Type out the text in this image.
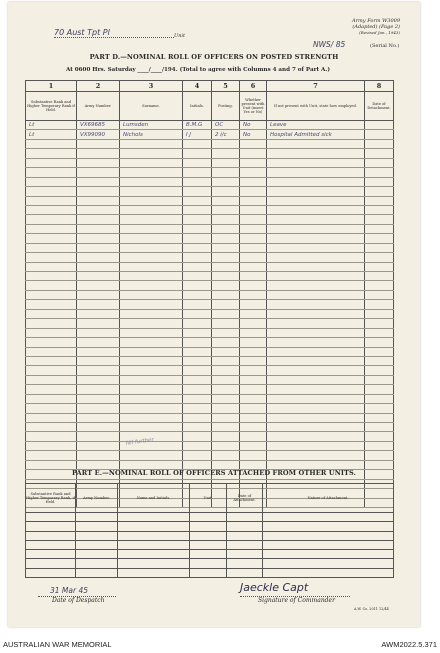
70 Aust Tpt Pl	Unit
Army Form W3009
(Adapted) (Page 2)
(Revised Jan., 1943)
NWS/ 85	(Serial No.)
PART D.—NOMINAL ROLL OF OFFICERS ON POSTED STRENGTH
At 0600 Hrs. Saturday ____/____/194. (Total to agree with Columns 4 and 7 of Part A.)
1	2	3	4	5	6	7	8
Substantive Rank and Higher Temporary Rank if Held.	Army Number.	Surname.	Initials.	Posting.	Whether present with Unit (insert Yes or No)	If not present with Unit, state how employed.	Date of Detachment.
Lt	VX69685	Lumsden	B.M.G	OC	No	Leave	
Lt	VX99090	Nichols	I J	2 i/c	No	Hospital Admitted sick	

Nil further
PART E.—NOMINAL ROLL OF OFFICERS ATTACHED FROM OTHER UNITS.
Substantive Rank and Higher Temporary Rank, if Held.	Army Number.	Name and Initials.	Unit.	Date of Attachment.	Nature of Attachment.

31 Mar 45
Date of Despatch
Jaeckle Capt
Signature of Commander
A.W. Co. 2011 12/44
AUSTRALIAN WAR MEMORIAL	AWM2022.5.371
